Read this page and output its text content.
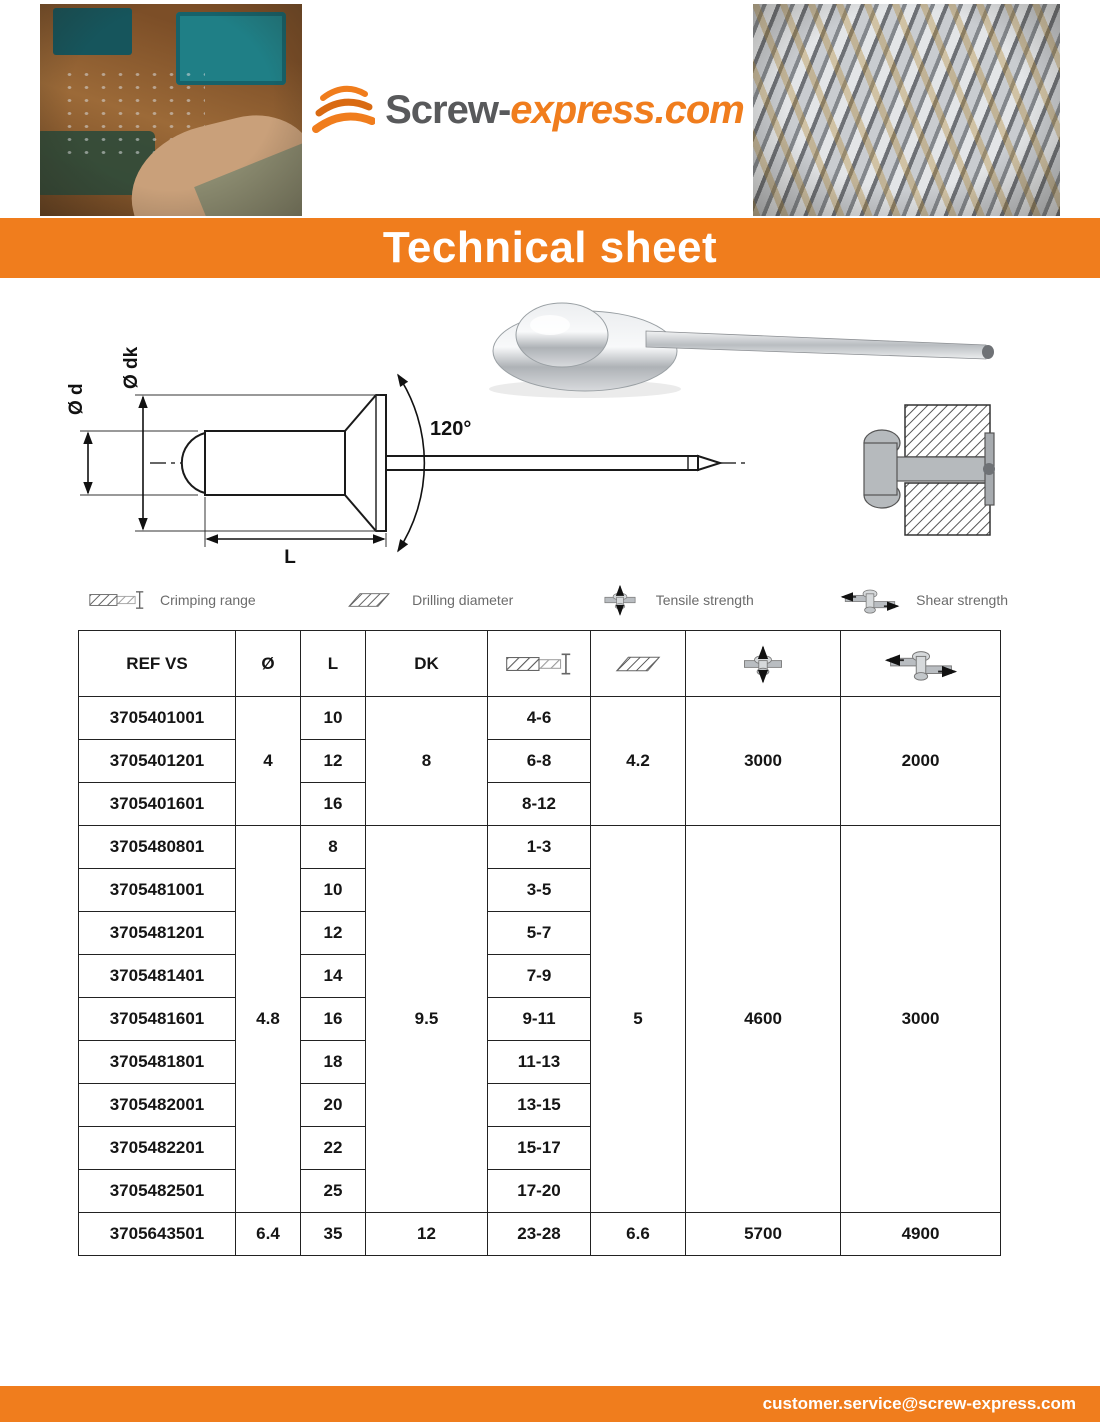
Screw-express.com
Technical sheet
Ø d
Ø dk
L
120°
Crimping range	Drilling diameter	Tensile strength	Shear strength
REF VS	Ø	L	DK	

3705401001	4	10	8	4-6	4.2	3000	2000
3705401201		12		6-8			
3705401601		16		8-12			
3705480801	4.8	8	9.5	1-3	5	4600	3000
3705481001		10		3-5			
3705481201		12		5-7			
3705481401		14		7-9			
3705481601		16		9-11			
3705481801		18		11-13			
3705482001		20		13-15			
3705482201		22		15-17			
3705482501		25		17-20			
3705643501	6.4	35	12	23-28	6.6	5700	4900
customer.service@screw-express.com
